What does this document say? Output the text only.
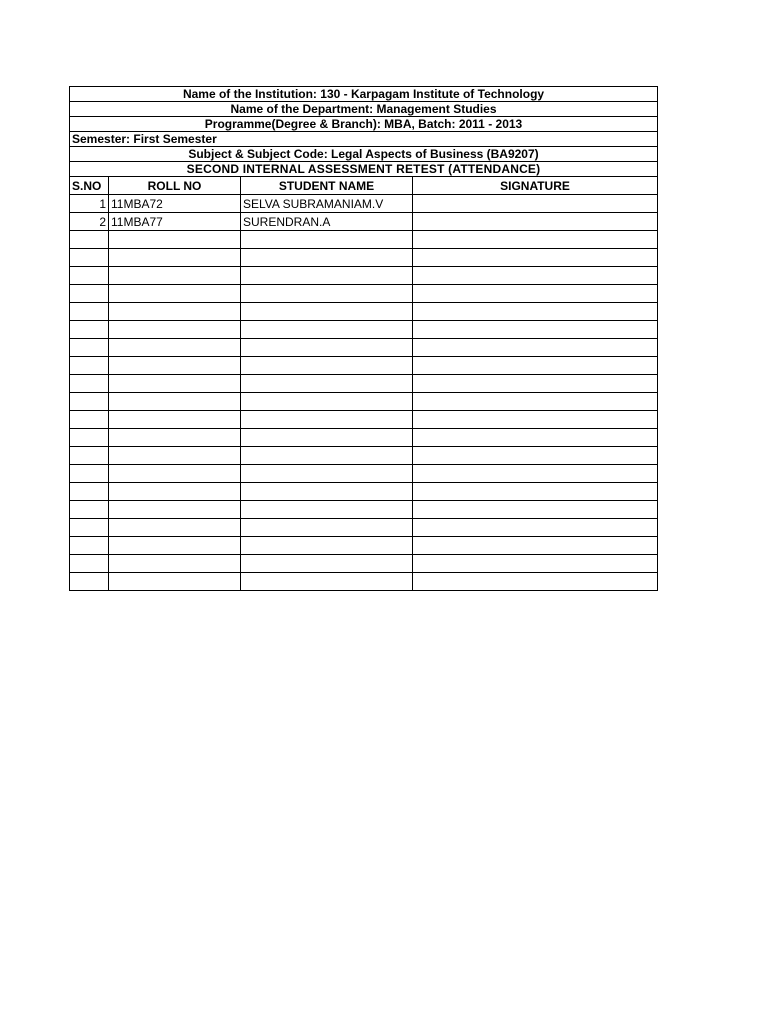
Name of the Institution: 130 - Karpagam Institute of Technology			
Name of the Department: Management Studies			
Programme(Degree & Branch): MBA, Batch: 2011 - 2013			
Semester: First Semester			
Subject & Subject Code: Legal Aspects of Business (BA9207)			
SECOND INTERNAL ASSESSMENT RETEST (ATTENDANCE)			
S.NO	ROLL NO	STUDENT NAME	SIGNATURE
1	11MBA72	SELVA SUBRAMANIAM.V	
2	11MBA77	SURENDRAN.A	
